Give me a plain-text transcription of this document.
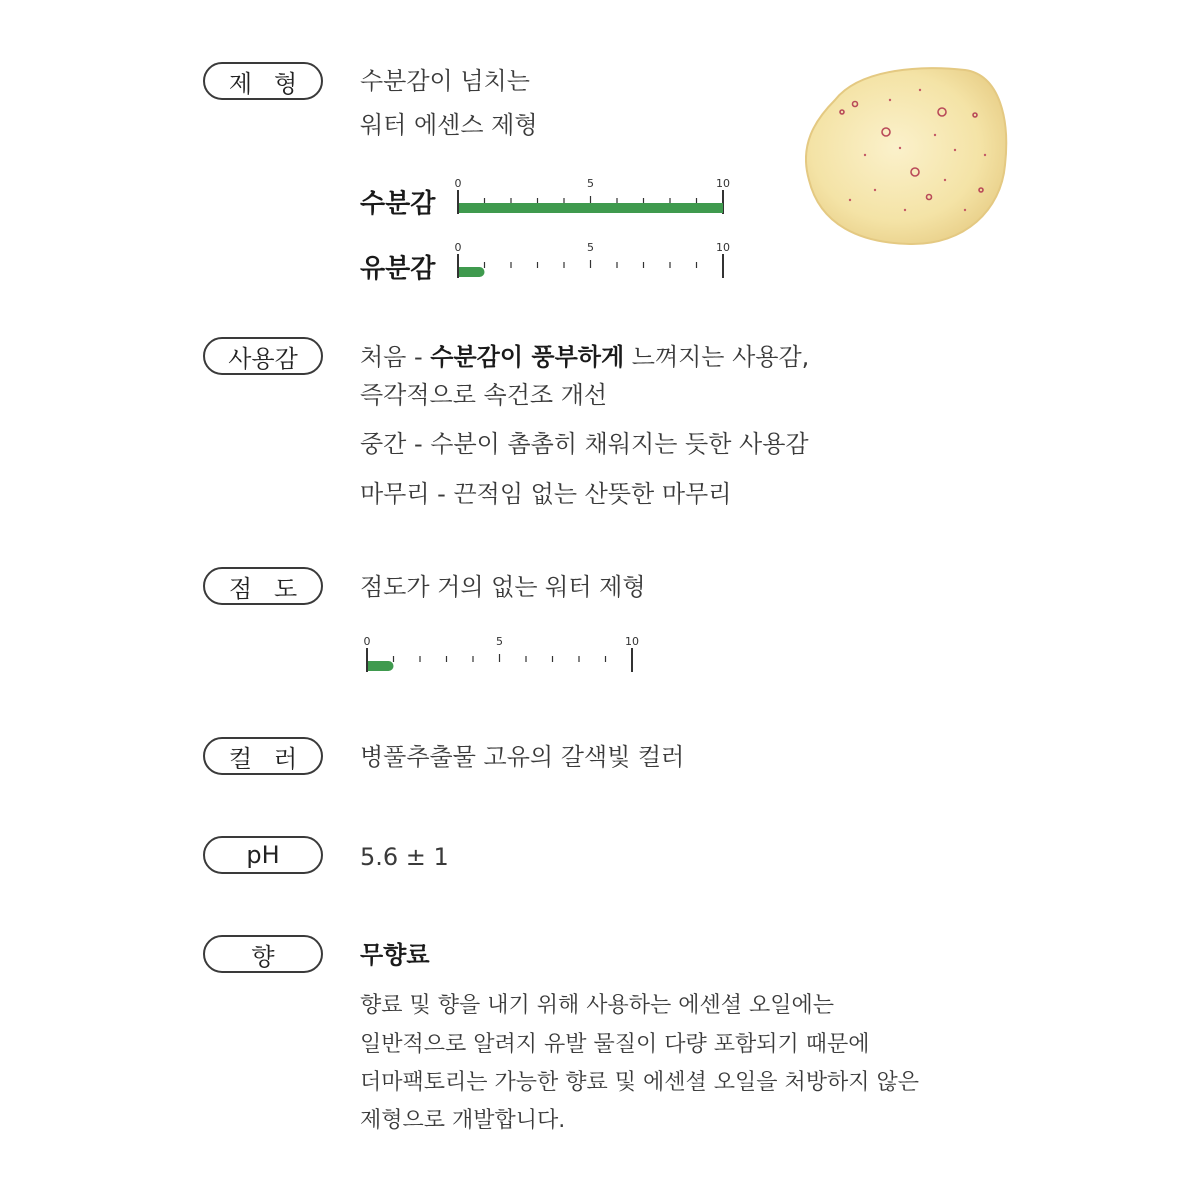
제형 수분감이 넘치는
워터 에센스 제형
수분감
0	5	10
유분감
0	5	10
사용감	처음 - 수분감이 풍부하게 느껴지는 사용감,
즉각적으로 속건조 개선
중간 - 수분이 촘촘히 채워지는 듯한 사용감
마무리 - 끈적임 없는 산뜻한 마무리
점도 점도가 거의 없는 워터 제형
0	5	10
컬러 병풀추출물 고유의 갈색빛 컬러
pH	5.6 ± 1
향	무향료
향료 및 향을 내기 위해 사용하는 에센셜 오일에는
일반적으로 알려지 유발 물질이 다량 포함되기 때문에
더마팩토리는 가능한 향료 및 에센셜 오일을 처방하지 않은
제형으로 개발합니다.
